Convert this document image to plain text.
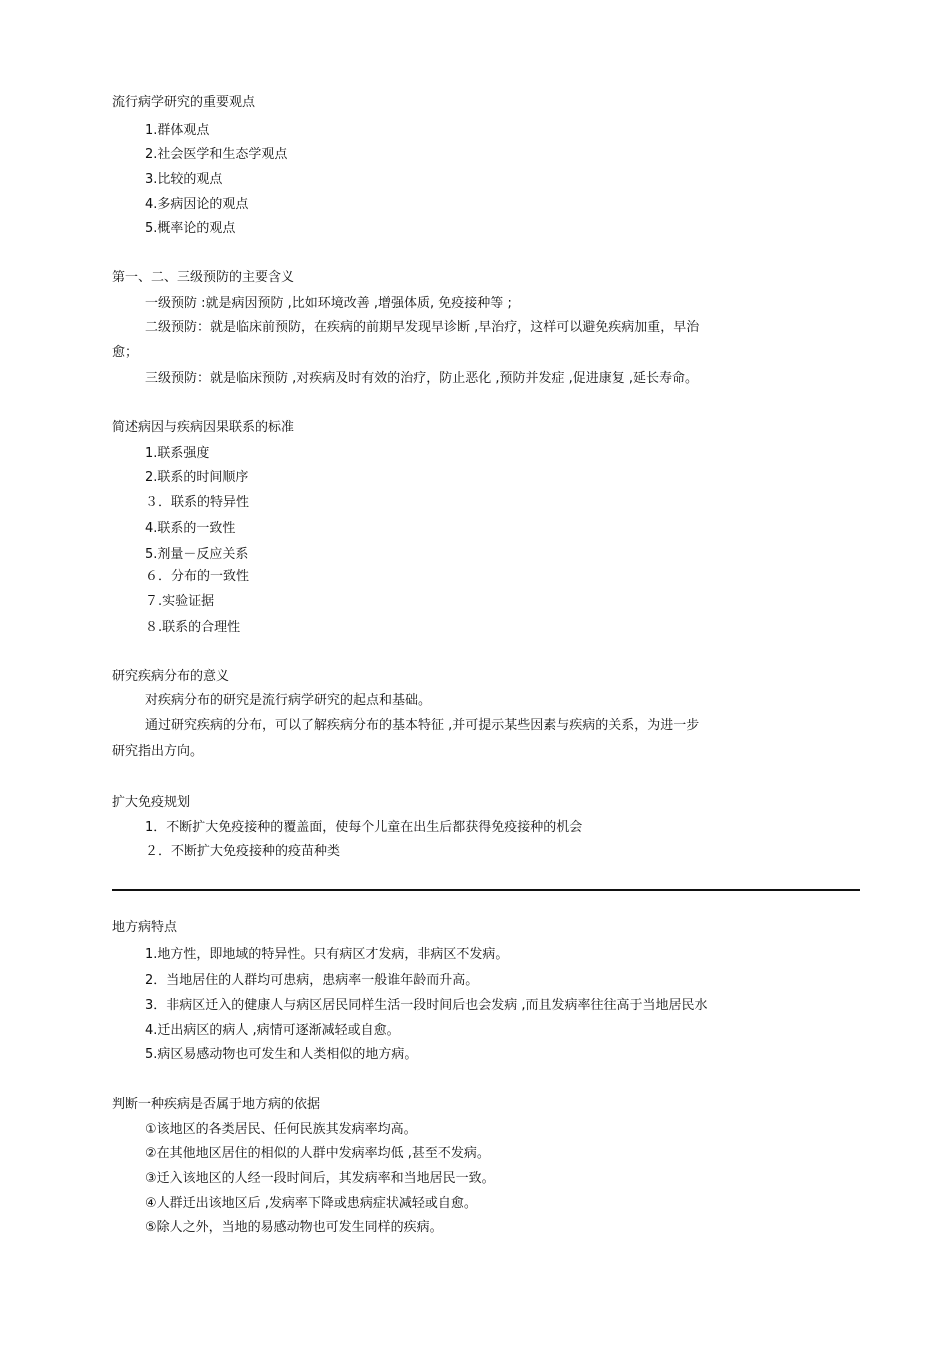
流行病学研究的重要观点
1.群体观点
2.社会医学和生态学观点
3.比较的观点
4.多病因论的观点
5.概率论的观点
第一、二、三级预防的主要含义
一级预防 :就是病因预防 ,比如环境改善 ,增强体质, 免疫接种等 ;
二级预防：就是临床前预防，在疾病的前期早发现早诊断 ,早治疗，这样可以避免疾病加重，早治
愈；
三级预防：就是临床预防 ,对疾病及时有效的治疗，防止恶化 ,预防并发症 ,促进康复 ,延长寿命。
简述病因与疾病因果联系的标准
1.联系强度
2.联系的时间顺序
３．联系的特异性
4.联系的一致性
5.剂量－反应关系
６．分布的一致性
７.实验证据
８.联系的合理性
研究疾病分布的意义
对疾病分布的研究是流行病学研究的起点和基础。
通过研究疾病的分布，可以了解疾病分布的基本特征 ,并可提示某些因素与疾病的关系，为进一步
研究指出方向。
扩大免疫规划
1．不断扩大免疫接种的覆盖面，使每个儿童在出生后都获得免疫接种的机会
２．不断扩大免疫接种的疫苗种类
地方病特点
1.地方性，即地域的特异性。只有病区才发病，非病区不发病。
2．当地居住的人群均可患病，患病率一般谁年龄而升高。
3．非病区迁入的健康人与病区居民同样生活一段时间后也会发病 ,而且发病率往往高于当地居民水
4.迁出病区的病人 ,病情可逐渐减轻或自愈。
5.病区易感动物也可发生和人类相似的地方病。
判断一种疾病是否属于地方病的依据
①该地区的各类居民、任何民族其发病率均高。
②在其他地区居住的相似的人群中发病率均低 ,甚至不发病。
③迁入该地区的人经一段时间后，其发病率和当地居民一致。
④人群迁出该地区后 ,发病率下降或患病症状减轻或自愈。
⑤除人之外，当地的易感动物也可发生同样的疾病。
